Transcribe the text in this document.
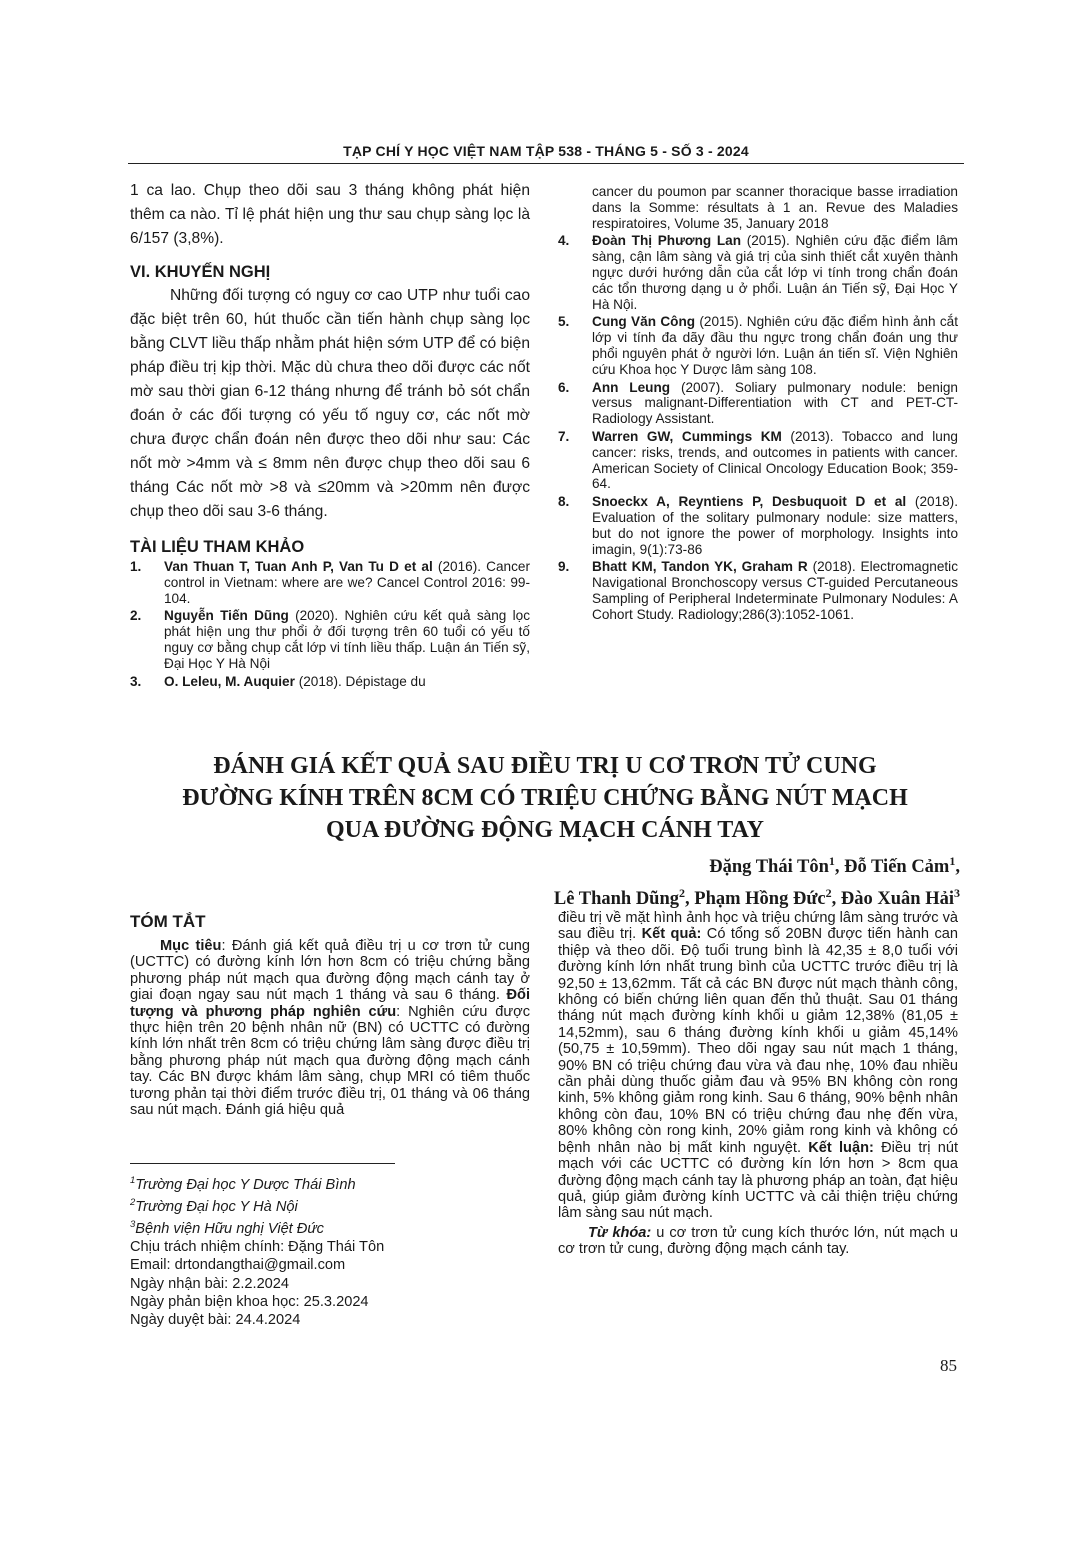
TẠP CHÍ Y HỌC VIỆT NAM TẬP 538 - THÁNG 5 - SỐ 3 - 2024

1 ca lao. Chụp theo dõi sau 3 tháng không phát hiện thêm ca nào. Tỉ lệ phát hiện ung thư sau chụp sàng lọc là 6/157 (3,8%).

VI. KHUYẾN NGHỊ

Những đối tượng có nguy cơ cao UTP như tuổi cao đặc biệt trên 60, hút thuốc cần tiến hành chụp sàng lọc bằng CLVT liều thấp nhằm phát hiện sớm UTP để có biện pháp điều trị kịp thời. Mặc dù chưa theo dõi được các nốt mờ sau thời gian 6-12 tháng nhưng để tránh bỏ sót chẩn đoán ở các đối tượng có yếu tố nguy cơ, các nốt mờ chưa được chẩn đoán nên được theo dõi như sau: Các nốt mờ >4mm và ≤ 8mm nên được chụp theo dõi sau 6 tháng Các nốt mờ >8 và ≤20mm và >20mm nên được chụp theo dõi sau 3-6 tháng.

TÀI LIỆU THAM KHẢO

1.	Van Thuan T, Tuan Anh P, Van Tu D et al (2016). Cancer control in Vietnam: where are we? Cancel Control 2016: 99-104.
2.	Nguyễn Tiến Dũng (2020). Nghiên cứu kết quả sàng lọc phát hiện ung thư phổi ở đối tượng trên 60 tuổi có yếu tố nguy cơ bằng chụp cắt lớp vi tính liều thấp. Luận án Tiến sỹ, Đại Học Y Hà Nội
3.	O. Leleu, M. Auquier (2018). Dépistage du
cancer du poumon par scanner thoracique basse irradiation dans la Somme: résultats à 1 an. Revue des Maladies respiratoires, Volume 35, January 2018
4.	Đoàn Thị Phương Lan (2015). Nghiên cứu đặc điểm lâm sàng, cận lâm sàng và giá trị của sinh thiết cắt xuyên thành ngực dưới hướng dẫn của cắt lớp vi tính trong chẩn đoán các tổn thương dạng u ở phổi. Luận án Tiến sỹ, Đại Học Y Hà Nội.
5.	Cung Văn Công (2015). Nghiên cứu đặc điểm hình ảnh cắt lớp vi tính đa dãy đầu thu ngực trong chẩn đoán ung thư phổi nguyên phát ở người lớn. Luận án tiến sĩ. Viện Nghiên cứu Khoa học Y Dược lâm sàng 108.
6.	Ann Leung (2007). Soliary pulmonary nodule: benign versus malignant-Differentiation with CT and PET-CT-Radiology Assistant.
7.	Warren GW, Cummings KM (2013). Tobacco and lung cancer: risks, trends, and outcomes in patients with cancer. American Society of Clinical Oncology Education Book; 359-64.
8.	Snoeckx A, Reyntiens P, Desbuquoit D et al (2018). Evaluation of the solitary pulmonary nodule: size matters, but do not ignore the power of morphology. Insights into imagin, 9(1):73-86
9.	Bhatt KM, Tandon YK, Graham R (2018). Electromagnetic Navigational Bronchoscopy versus CT-guided Percutaneous Sampling of Peripheral Indeterminate Pulmonary Nodules: A Cohort Study. Radiology;286(3):1052-1061.
ĐÁNH GIÁ KẾT QUẢ SAU ĐIỀU TRỊ U CƠ TRƠN TỬ CUNG
ĐƯỜNG KÍNH TRÊN 8CM CÓ TRIỆU CHỨNG BẰNG NÚT MẠCH
QUA ĐƯỜNG ĐỘNG MẠCH CÁNH TAY
Đặng Thái Tôn$^1$, Đỗ Tiến Cảm$^1$,
Lê Thanh Dũng$^2$, Phạm Hồng Đức$^2$, Đào Xuân Hải$^3$

TÓM TẮT

Mục tiêu: Đánh giá kết quả điều trị u cơ trơn tử cung (UCTTC) có đường kính lớn hơn 8cm có triệu chứng bằng phương pháp nút mạch qua đường động mạch cánh tay ở giai đoạn ngay sau nút mạch 1 tháng và sau 6 tháng. Đối tượng và phương pháp nghiên cứu: Nghiên cứu được thực hiện trên 20 bệnh nhân nữ (BN) có UCTTC có đường kính lớn nhất trên 8cm có triệu chứng lâm sàng được điều trị bằng phương pháp nút mạch qua đường động mạch cánh tay. Các BN được khám lâm sàng, chụp MRI có tiêm thuốc tương phản tại thời điểm trước điều trị, 01 tháng và 06 tháng sau nút mạch. Đánh giá hiệu quả

$^1$Trường Đại học Y Dược Thái Bình
$^2$Trường Đại học Y Hà Nội
$^3$Bệnh viện Hữu nghị Việt Đức
Chịu trách nhiệm chính: Đặng Thái Tôn
Email: drtondangthai@gmail.com
Ngày nhận bài: 2.2.2024
Ngày phản biện khoa học: 25.3.2024
Ngày duyệt bài: 24.4.2024

điều trị về mặt hình ảnh học và triệu chứng lâm sàng trước và sau điều trị. Kết quả: Có tổng số 20BN được tiến hành can thiệp và theo dõi. Độ tuổi trung bình là 42,35 ± 8,0 tuổi với đường kính lớn nhất trung bình của UCTTC trước điều trị là 92,50 ± 13,62mm. Tất cả các BN được nút mạch thành công, không có biến chứng liên quan đến thủ thuật. Sau 01 tháng tháng nút mạch đường kính khối u giảm 12,38% (81,05 ± 14,52mm), sau 6 tháng đường kính khối u giảm 45,14% (50,75 ± 10,59mm). Theo dõi ngay sau nút mạch 1 tháng, 90% BN có triệu chứng đau vừa và đau nhẹ, 10% đau nhiều cần phải dùng thuốc giảm đau và 95% BN không còn rong kinh, 5% không giảm rong kinh. Sau 6 tháng, 90% bệnh nhân không còn đau, 10% BN có triệu chứng đau nhẹ đến vừa, 80% không còn rong kinh, 20% giảm rong kinh và không có bệnh nhân nào bị mất kinh nguyệt. Kết luận: Điều trị nút mạch với các UCTTC có đường kín lớn hơn > 8cm qua đường động mạch cánh tay là phương pháp an toàn, đạt hiệu quả, giúp giảm đường kính UCTTC và cải thiện triệu chứng lâm sàng sau nút mạch.

Từ khóa: u cơ trơn tử cung kích thước lớn, nút mạch u cơ trơn tử cung, đường động mạch cánh tay.

85
